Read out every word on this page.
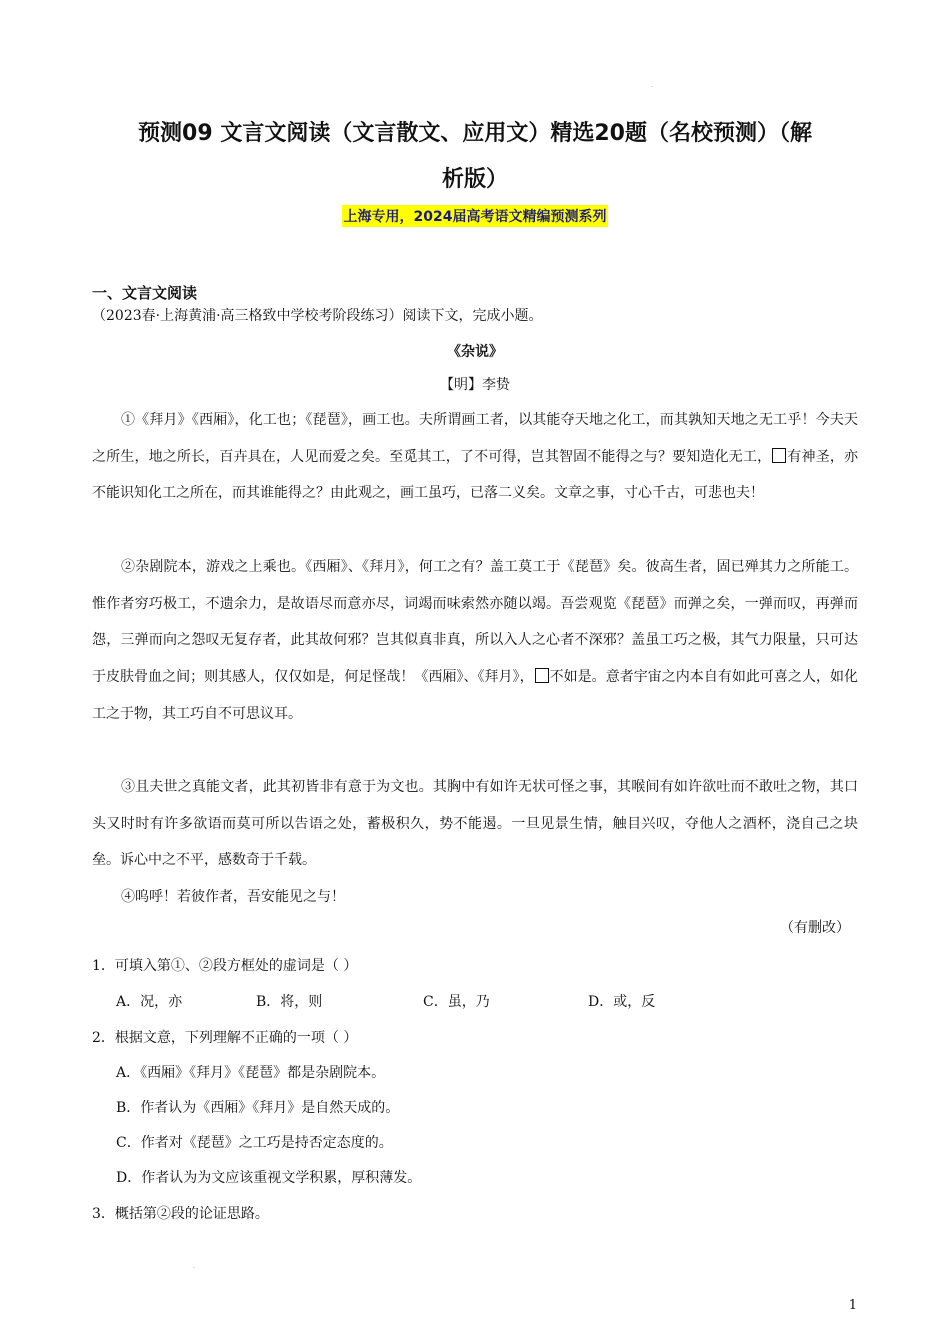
.
预测09 文言文阅读（文言散文、应用文）精选20题（名校预测）（解
析版）
上海专用，2024届高考语文精编预测系列
一、文言文阅读
（2023春·上海黄浦·高三格致中学校考阶段练习）阅读下文，完成小题。
《杂说》
【明】李贽

①《拜月》《西厢》，化工也；《琵琶》，画工也。夫所谓画工者，以其能夺天地之化工，而其孰知天地之无工乎！今夫天之所生，地之所长，百卉具在，人见而爱之矣。至觅其工，了不可得，岂其智固不能得之与？要知造化无工， 有神圣，亦不能识知化工之所在，而其谁能得之？由此观之，画工虽巧，已落二义矣。文章之事，寸心千古，可悲也夫！

②杂剧院本，游戏之上乘也。《西厢》、《拜月》，何工之有？盖工莫工于《琵琶》矣。彼高生者，固已殚其力之所能工。惟作者穷巧极工，不遗余力，是故语尽而意亦尽，词竭而味索然亦随以竭。吾尝观览《琵琶》而弹之矣，一弹而叹，再弹而怨，三弹而向之怨叹无复存者，此其故何邪？岂其似真非真，所以入人之心者不深邪？盖虽工巧之极，其气力限量，只可达于皮肤骨血之间；则其感人，仅仅如是，何足怪哉！《西厢》、《拜月》， 不如是。意者宇宙之内本自有如此可喜之人，如化工之于物，其工巧自不可思议耳。

③且夫世之真能文者，此其初皆非有意于为文也。其胸中有如许无状可怪之事，其喉间有如许欲吐而不敢吐之物，其口头又时时有许多欲语而莫可所以告语之处，蓄极积久，势不能遏。一旦见景生情，触目兴叹，夺他人之酒杯，浇自己之块垒。诉心中之不平，感数奇于千载。

④呜呼！若彼作者，吾安能见之与！

（有删改）
1．可填入第①、②段方框处的虚词是（ ）
A．况，亦	B．将，则	C．虽，乃	D．或，反
2．根据文意，下列理解不正确的一项（ ）
A．《西厢》《拜月》《琵琶》都是杂剧院本。
B．作者认为《西厢》《拜月》是自然天成的。
C．作者对《琵琶》之工巧是持否定态度的。
D．作者认为为文应该重视文学积累，厚积薄发。
3．概括第②段的论证思路。
.
1
